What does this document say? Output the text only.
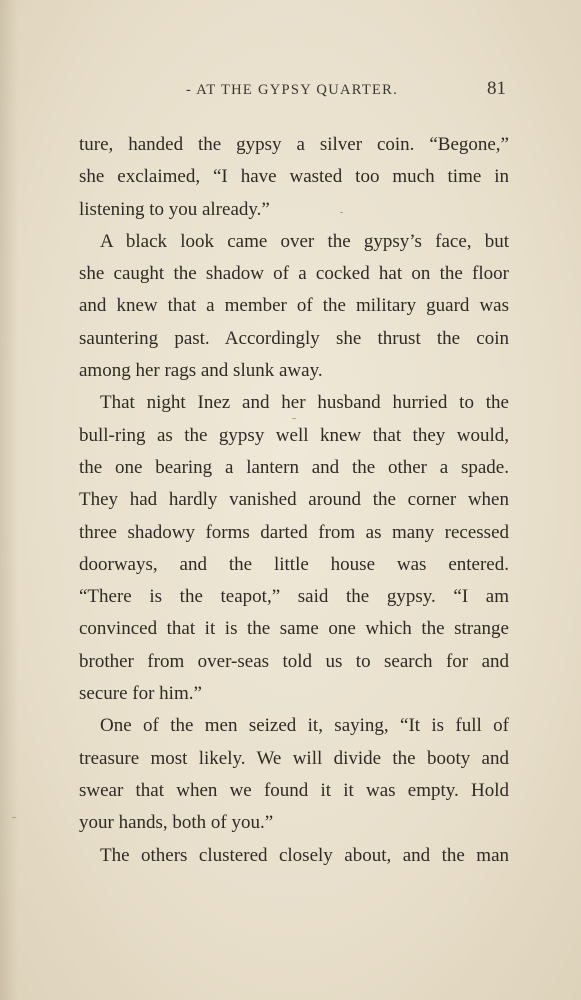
- AT THE GYPSY QUARTER.	81
ture, handed the gypsy a silver coin. “Begone,”
she exclaimed, “I have wasted too much time in
listening to you already.”
A black look came over the gypsy’s face, but
she caught the shadow of a cocked hat on the floor
and knew that a member of the military guard was
sauntering past. Accordingly she thrust the coin
among her rags and slunk away.
That night Inez and her husband hurried to the
bull-ring as the gypsy well knew that they would,
the one bearing a lantern and the other a spade.
They had hardly vanished around the corner when
three shadowy forms darted from as many recessed
doorways, and the little house was entered.
“There is the teapot,” said the gypsy. “I am
convinced that it is the same one which the strange
brother from over-seas told us to search for and
secure for him.”
One of the men seized it, saying, “It is full of
treasure most likely. We will divide the booty and
swear that when we found it it was empty. Hold
your hands, both of you.”
The others clustered closely about, and the man
